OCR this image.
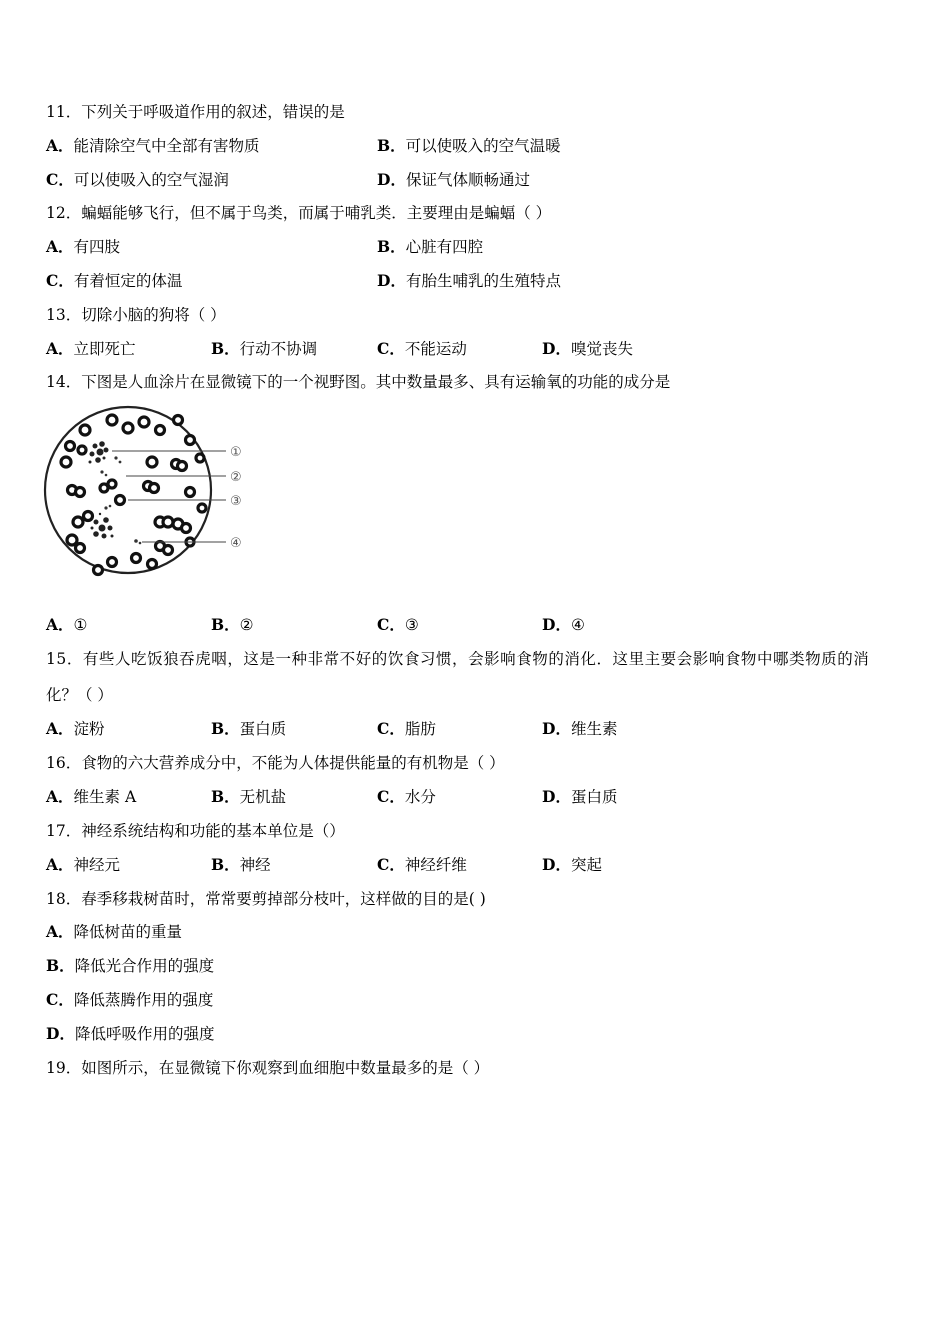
11．下列关于呼吸道作用的叙述，错误的是
A．能清除空气中全部有害物质	B．可以使吸入的空气温暖
C．可以使吸入的空气湿润	D．保证气体顺畅通过
12．蝙蝠能够飞行，但不属于鸟类，而属于哺乳类．主要理由是蝙蝠（ ）
A．有四肢	B．心脏有四腔
C．有着恒定的体温	D．有胎生哺乳的生殖特点
13．切除小脑的狗将（ ）
A．立即死亡	B．行动不协调	C．不能运动	D．嗅觉丧失
14．下图是人血涂片在显微镜下的一个视野图。其中数量最多、具有运输氧的功能的成分是
①
②
③
④
A．①	B．②	C．③	D．④
15．有些人吃饭狼吞虎咽，这是一种非常不好的饮食习惯，会影响食物的消化．这里主要会影响食物中哪类物质的消
化？（ ）
A．淀粉	B．蛋白质	C．脂肪	D．维生素
16．食物的六大营养成分中，不能为人体提供能量的有机物是（ ）
A．维生素 A	B．无机盐	C．水分	D．蛋白质
17．神经系统结构和功能的基本单位是（）
A．神经元	B．神经	C．神经纤维	D．突起
18．春季移栽树苗时，常常要剪掉部分枝叶，这样做的目的是( )
A．降低树苗的重量
B．降低光合作用的强度
C．降低蒸腾作用的强度
D．降低呼吸作用的强度
19．如图所示，在显微镜下你观察到血细胞中数量最多的是（ ）
